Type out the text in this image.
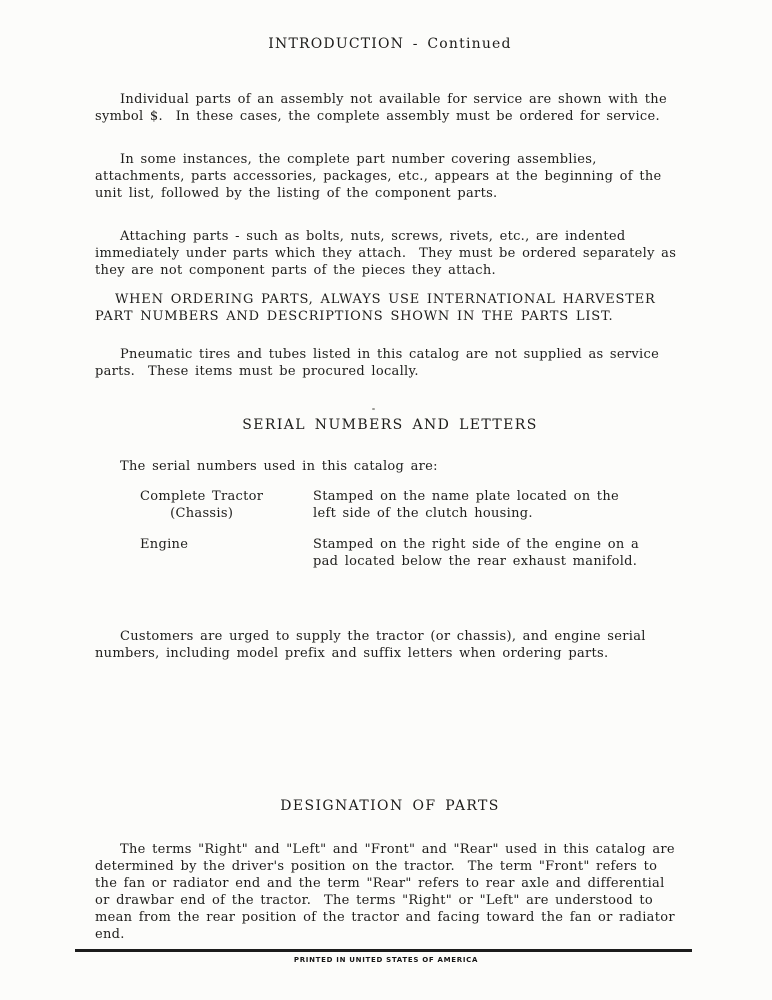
INTRODUCTION - Continued

Individual parts of an assembly not available for service are shown with the symbol $.  In these cases, the complete assembly must be ordered for service.

In some instances, the complete part number covering assemblies, attachments, parts accessories, packages, etc., appears at the beginning of the unit list, followed by the listing of the component parts.

Attaching parts - such as bolts, nuts, screws, rivets, etc., are indented immediately under parts which they attach.  They must be ordered separately as they are not component parts of the pieces they attach.

WHEN ORDERING PARTS, ALWAYS USE INTERNATIONAL HARVESTER PART NUMBERS AND DESCRIPTIONS SHOWN IN THE PARTS LIST.

Pneumatic tires and tubes listed in this catalog are not supplied as service parts.  These items must be procured locally.

SERIAL NUMBERS AND LETTERS

The serial numbers used in this catalog are:

Complete Tractor
(Chassis)
Stamped on the name plate located on the left side of the clutch housing.
Engine	Stamped on the right side of the engine on a pad located below the rear exhaust manifold.

Customers are urged to supply the tractor (or chassis), and engine serial numbers, including model prefix and suffix letters when ordering parts.

DESIGNATION OF PARTS

The terms "Right" and "Left" and "Front" and "Rear" used in this catalog are determined by the driver's position on the tractor.  The term "Front" refers to the fan or radiator end and the term "Rear" refers to rear axle and differential or drawbar end of the tractor.  The terms "Right" or "Left" are understood to mean from the rear position of the tractor and facing toward the fan or radiator end.

PRINTED IN UNITED STATES OF AMERICA
